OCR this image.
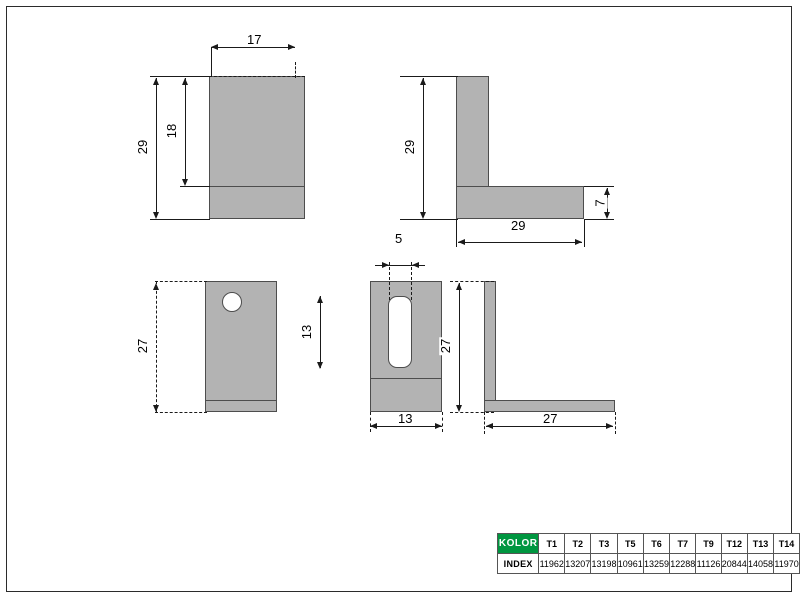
17
29
18
29
29
7
27
5
13
13
27
27
KOLOR	T1	T2	T3	T5	T6	T7	T9	T12	T13	T14
INDEX	11962	13207	13198	10961	13259	12288	11126	20844	14058	11970
